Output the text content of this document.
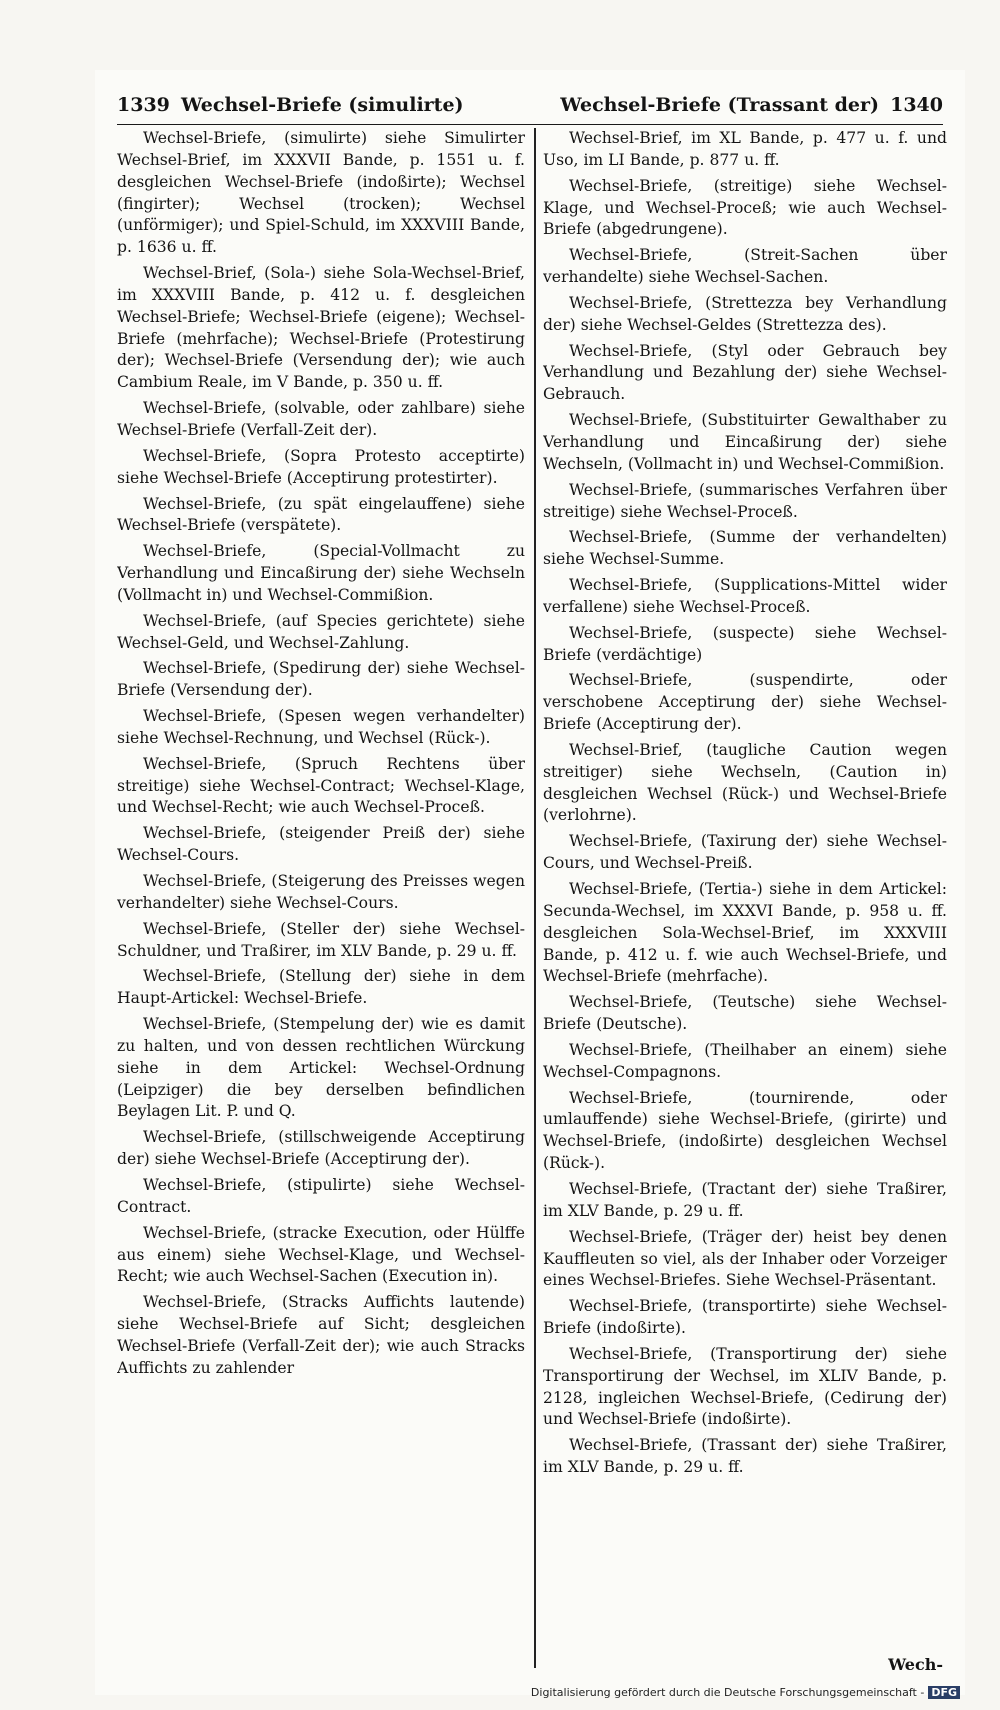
1339 Wechsel-Briefe (simulirte)	Wechsel-Briefe (Trassant der) 1340

Wechsel-Briefe, (simulirte) siehe Simulirter Wechsel-Brief, im XXXVII Bande, p. 1551 u. f. desgleichen Wechsel-Briefe (indoßirte); Wechsel (fingirter); Wechsel (trocken); Wechsel (unförmiger); und Spiel-Schuld, im XXXVIII Bande, p. 1636 u. ff.

Wechsel-Brief, (Sola-) siehe Sola-Wechsel-Brief, im XXXVIII Bande, p. 412 u. f. desgleichen Wechsel-Briefe; Wechsel-Briefe (eigene); Wechsel-Briefe (mehrfache); Wechsel-Briefe (Protestirung der); Wechsel-Briefe (Versendung der); wie auch Cambium Reale, im V Bande, p. 350 u. ff.

Wechsel-Briefe, (solvable, oder zahlbare) siehe Wechsel-Briefe (Verfall-Zeit der).

Wechsel-Briefe, (Sopra Protesto acceptirte) siehe Wechsel-Briefe (Acceptirung protestirter).

Wechsel-Briefe, (zu spät eingelauffene) siehe Wechsel-Briefe (verspätete).

Wechsel-Briefe, (Special-Vollmacht zu Verhandlung und Eincaßirung der) siehe Wechseln (Vollmacht in) und Wechsel-Commißion.

Wechsel-Briefe, (auf Species gerichtete) siehe Wechsel-Geld, und Wechsel-Zahlung.

Wechsel-Briefe, (Spedirung der) siehe Wechsel-Briefe (Versendung der).

Wechsel-Briefe, (Spesen wegen verhandelter) siehe Wechsel-Rechnung, und Wechsel (Rück-).

Wechsel-Briefe, (Spruch Rechtens über streitige) siehe Wechsel-Contract; Wechsel-Klage, und Wechsel-Recht; wie auch Wechsel-Proceß.

Wechsel-Briefe, (steigender Preiß der) siehe Wechsel-Cours.

Wechsel-Briefe, (Steigerung des Preisses wegen verhandelter) siehe Wechsel-Cours.

Wechsel-Briefe, (Steller der) siehe Wechsel-Schuldner, und Traßirer, im XLV Bande, p. 29 u. ff.

Wechsel-Briefe, (Stellung der) siehe in dem Haupt-Artickel: Wechsel-Briefe.

Wechsel-Briefe, (Stempelung der) wie es damit zu halten, und von dessen rechtlichen Würckung siehe in dem Artickel: Wechsel-Ordnung (Leipziger) die bey derselben befindlichen Beylagen Lit. P. und Q.

Wechsel-Briefe, (stillschweigende Acceptirung der) siehe Wechsel-Briefe (Acceptirung der).

Wechsel-Briefe, (stipulirte) siehe Wechsel-Contract.

Wechsel-Briefe, (stracke Execution, oder Hülffe aus einem) siehe Wechsel-Klage, und Wechsel-Recht; wie auch Wechsel-Sachen (Execution in).

Wechsel-Briefe, (Stracks Auffichts lautende) siehe Wechsel-Briefe auf Sicht; desgleichen Wechsel-Briefe (Verfall-Zeit der); wie auch Stracks Auffichts zu zahlender

Wechsel-Brief, im XL Bande, p. 477 u. f. und Uso, im LI Bande, p. 877 u. ff.

Wechsel-Briefe, (streitige) siehe Wechsel-Klage, und Wechsel-Proceß; wie auch Wechsel-Briefe (abgedrungene).

Wechsel-Briefe, (Streit-Sachen über verhandelte) siehe Wechsel-Sachen.

Wechsel-Briefe, (Strettezza bey Verhandlung der) siehe Wechsel-Geldes (Strettezza des).

Wechsel-Briefe, (Styl oder Gebrauch bey Verhandlung und Bezahlung der) siehe Wechsel-Gebrauch.

Wechsel-Briefe, (Substituirter Gewalthaber zu Verhandlung und Eincaßirung der) siehe Wechseln, (Vollmacht in) und Wechsel-Commißion.

Wechsel-Briefe, (summarisches Verfahren über streitige) siehe Wechsel-Proceß.

Wechsel-Briefe, (Summe der verhandelten) siehe Wechsel-Summe.

Wechsel-Briefe, (Supplications-Mittel wider verfallene) siehe Wechsel-Proceß.

Wechsel-Briefe, (suspecte) siehe Wechsel-Briefe (verdächtige)

Wechsel-Briefe, (suspendirte, oder verschobene Acceptirung der) siehe Wechsel-Briefe (Acceptirung der).

Wechsel-Brief, (taugliche Caution wegen streitiger) siehe Wechseln, (Caution in) desgleichen Wechsel (Rück-) und Wechsel-Briefe (verlohrne).

Wechsel-Briefe, (Taxirung der) siehe Wechsel-Cours, und Wechsel-Preiß.

Wechsel-Briefe, (Tertia-) siehe in dem Artickel: Secunda-Wechsel, im XXXVI Bande, p. 958 u. ff. desgleichen Sola-Wechsel-Brief, im XXXVIII Bande, p. 412 u. f. wie auch Wechsel-Briefe, und Wechsel-Briefe (mehrfache).

Wechsel-Briefe, (Teutsche) siehe Wechsel-Briefe (Deutsche).

Wechsel-Briefe, (Theilhaber an einem) siehe Wechsel-Compagnons.

Wechsel-Briefe, (tournirende, oder umlauffende) siehe Wechsel-Briefe, (girirte) und Wechsel-Briefe, (indoßirte) desgleichen Wechsel (Rück-).

Wechsel-Briefe, (Tractant der) siehe Traßirer, im XLV Bande, p. 29 u. ff.

Wechsel-Briefe, (Träger der) heist bey denen Kauffleuten so viel, als der Inhaber oder Vorzeiger eines Wechsel-Briefes. Siehe Wechsel-Präsentant.

Wechsel-Briefe, (transportirte) siehe Wechsel-Briefe (indoßirte).

Wechsel-Briefe, (Transportirung der) siehe Transportirung der Wechsel, im XLIV Bande, p. 2128, ingleichen Wechsel-Briefe, (Cedirung der) und Wechsel-Briefe (indoßirte).

Wechsel-Briefe, (Trassant der) siehe Traßirer, im XLV Bande, p. 29 u. ff.

Wech-
Digitalisierung gefördert durch die Deutsche Forschungsgemeinschaft - DFG
